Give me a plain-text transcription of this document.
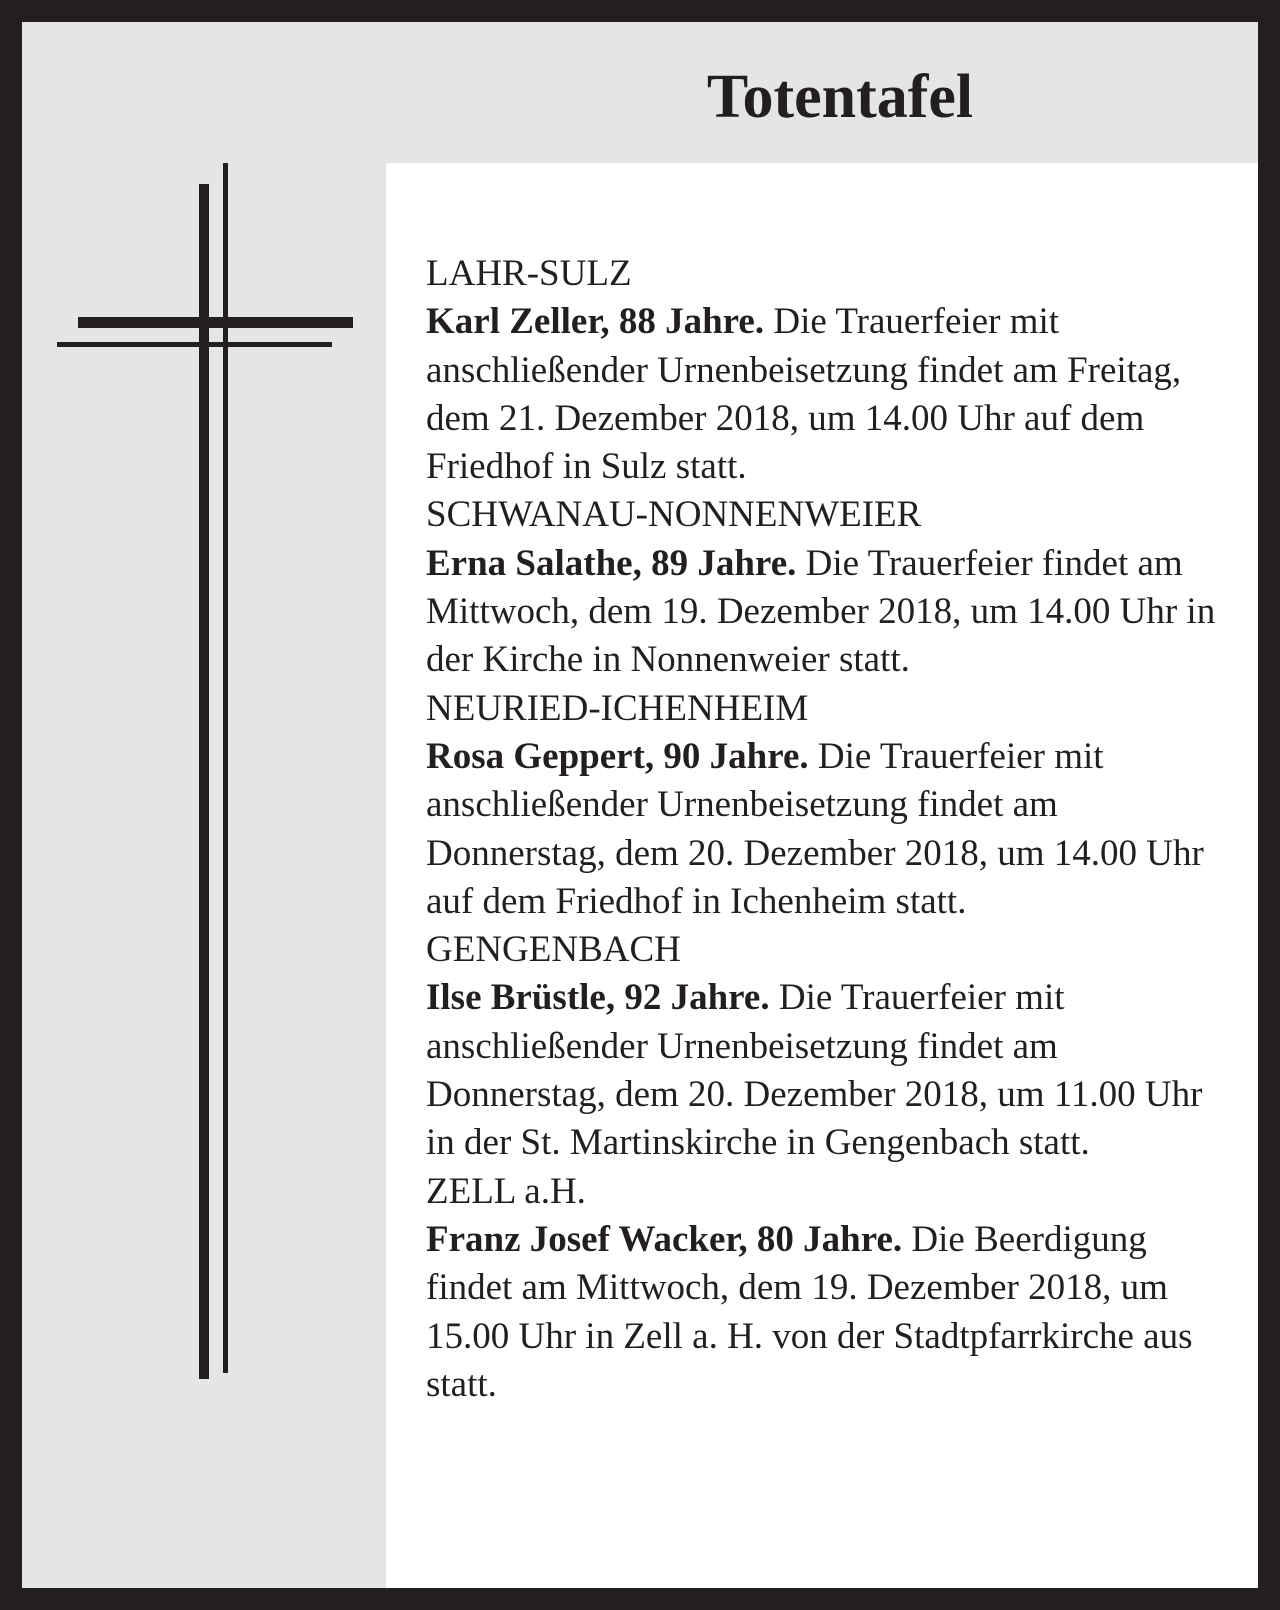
Totentafel
LAHR-SULZ
Karl Zeller, 88 Jahre. Die Trauerfeier mit anschließender Urnenbeisetzung findet am Freitag, dem 21. Dezember 2018, um 14.00 Uhr auf dem Friedhof in Sulz statt.
SCHWANAU-NONNENWEIER
Erna Salathe, 89 Jahre. Die Trauerfeier findet am Mittwoch, dem 19. Dezember 2018, um 14.00 Uhr in der Kirche in Nonnenweier statt.
NEURIED-ICHENHEIM
Rosa Geppert, 90 Jahre. Die Trauerfeier mit anschließender Urnenbeisetzung findet am Donnerstag, dem 20. Dezember 2018, um 14.00 Uhr auf dem Friedhof in Ichenheim statt.
GENGENBACH
Ilse Brüstle, 92 Jahre. Die Trauerfeier mit anschließender Urnenbeisetzung findet am Donnerstag, dem 20. Dezember 2018, um 11.00 Uhr in der St. Martinskirche in Gengenbach statt.
ZELL a.H.
Franz Josef Wacker, 80 Jahre. Die Beerdigung findet am Mittwoch, dem 19. Dezember 2018, um 15.00 Uhr in Zell a. H. von der Stadtpfarrkirche aus statt.
